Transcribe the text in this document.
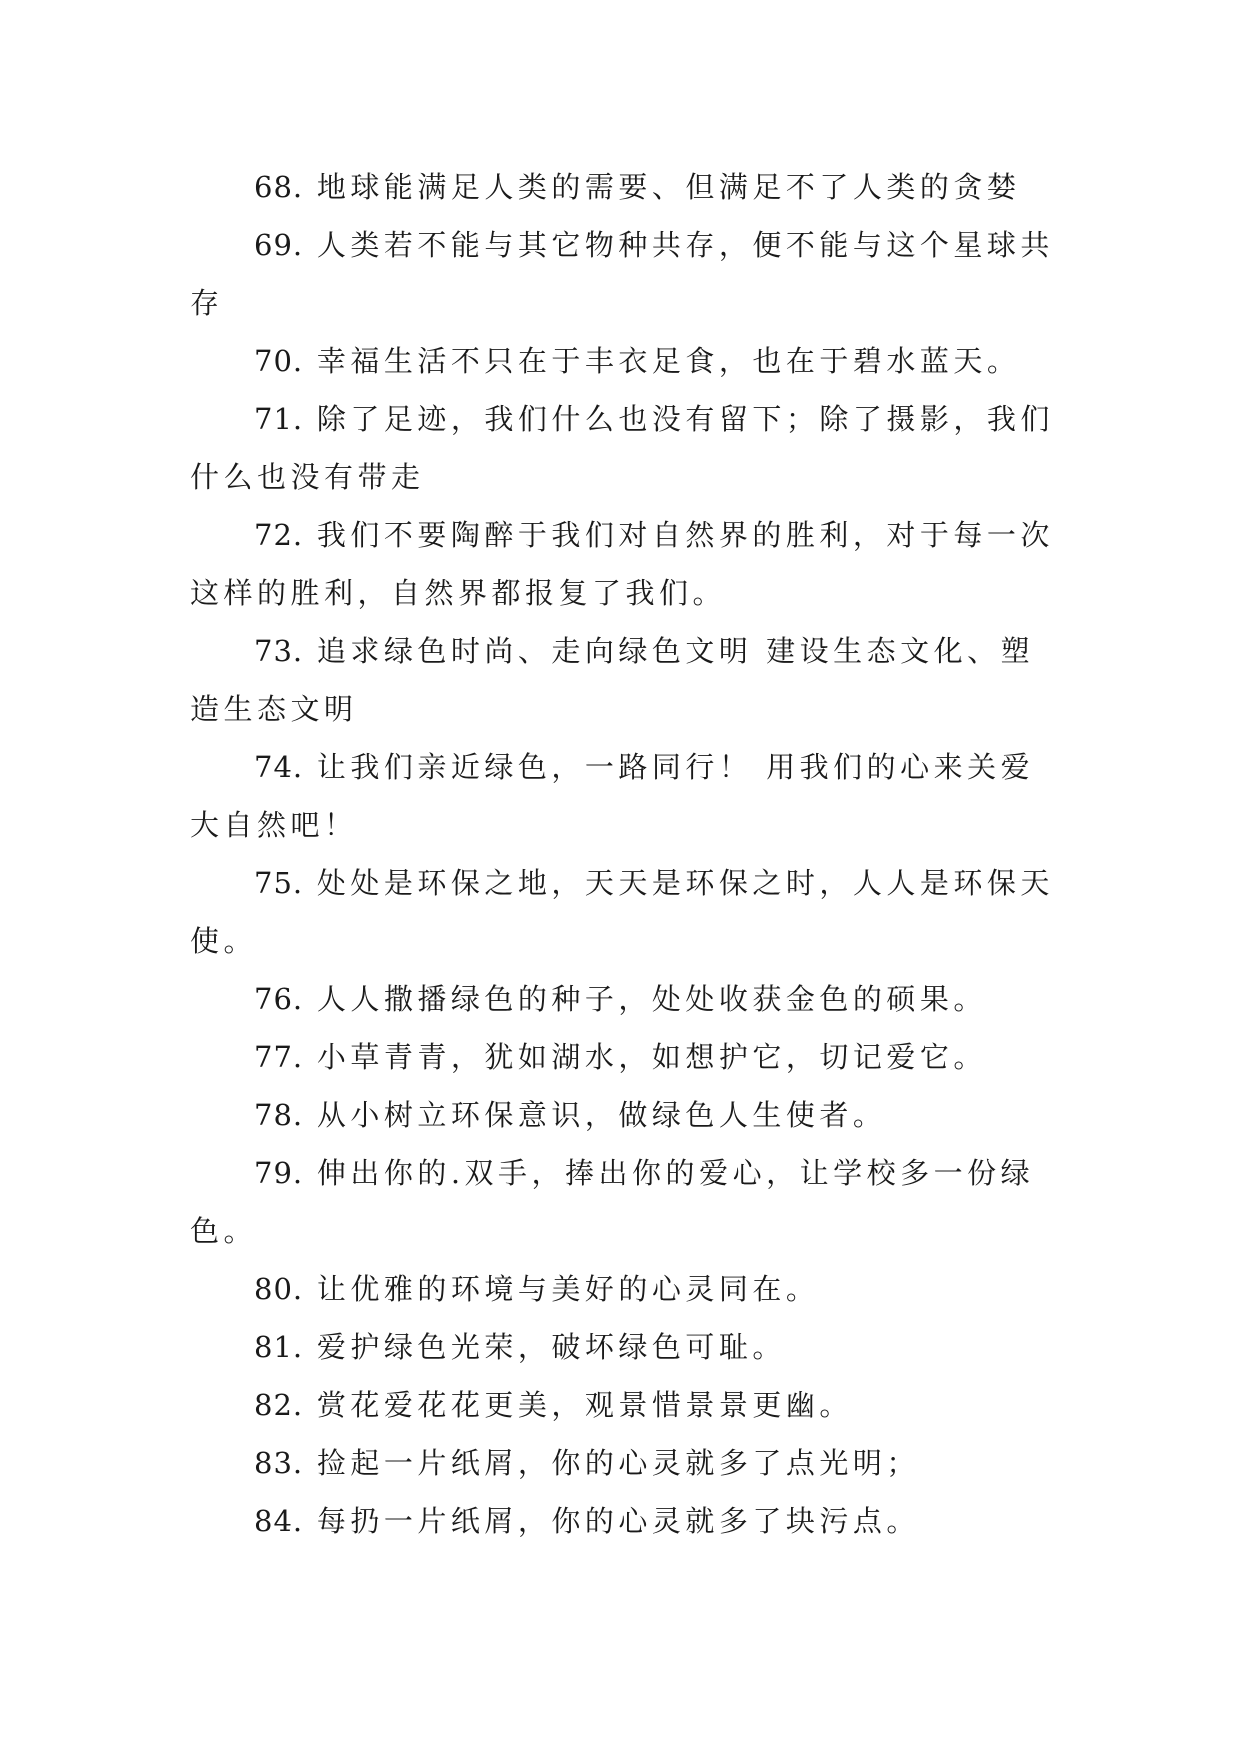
68. 地球能满足人类的需要、但满足不了人类的贪婪

69. 人类若不能与其它物种共存，便不能与这个星球共存

70. 幸福生活不只在于丰衣足食，也在于碧水蓝天。

71. 除了足迹，我们什么也没有留下；除了摄影，我们什么也没有带走

72. 我们不要陶醉于我们对自然界的胜利，对于每一次这样的胜利，自然界都报复了我们。

73. 追求绿色时尚、走向绿色文明 建设生态文化、塑造生态文明

74. 让我们亲近绿色，一路同行！ 用我们的心来关爱大自然吧！

75. 处处是环保之地，天天是环保之时，人人是环保天使。

76. 人人撒播绿色的种子，处处收获金色的硕果。

77. 小草青青，犹如湖水，如想护它，切记爱它。

78. 从小树立环保意识，做绿色人生使者。

79. 伸出你的.双手，捧出你的爱心，让学校多一份绿色。

80. 让优雅的环境与美好的心灵同在。

81. 爱护绿色光荣，破坏绿色可耻。

82. 赏花爱花花更美，观景惜景景更幽。

83. 捡起一片纸屑，你的心灵就多了点光明；

84. 每扔一片纸屑，你的心灵就多了块污点。
